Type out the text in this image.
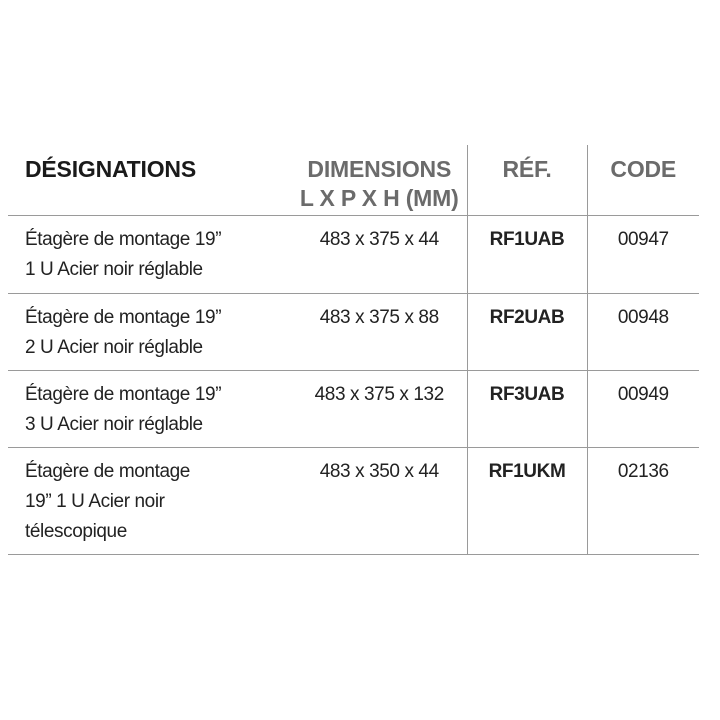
DÉSIGNATIONS	DIMENSIONS
L X P X H (MM)	RÉF.	CODE

Étagère de montage 19”
1 U Acier noir réglable	483 x 375 x 44	RF1UAB	00947

Étagère de montage 19”
2 U Acier noir réglable	483 x 375 x 88	RF2UAB	00948

Étagère de montage 19”
3 U Acier noir réglable	483 x 375 x 132	RF3UAB	00949

Étagère de montage
19” 1 U Acier noir
télescopique	483 x 350 x 44	RF1UKM	02136
